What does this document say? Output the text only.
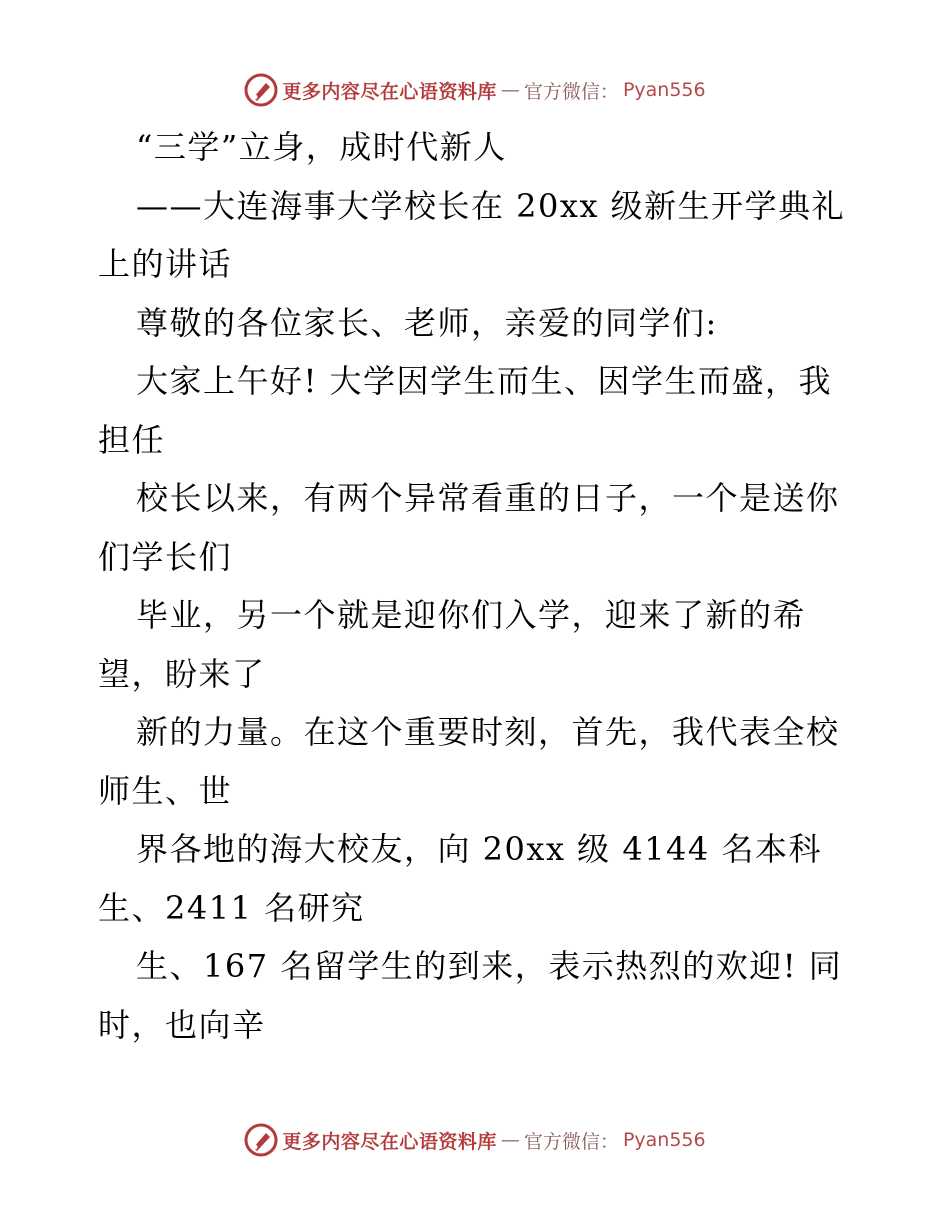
更多内容尽在心语资料库 — 官方微信： Pyan556
“三学”立身，成时代新人
——大连海事大学校长在 20xx 级新生开学典礼
上的讲话
尊敬的各位家长、老师，亲爱的同学们:
大家上午好! 大学因学生而生、因学生而盛，我
担任
校长以来，有两个异常看重的日子，一个是送你
们学长们
毕业，另一个就是迎你们入学，迎来了新的希
望，盼来了
新的力量。在这个重要时刻，首先，我代表全校
师生、世
界各地的海大校友，向 20xx 级 4144 名本科
生、2411 名研究
生、167 名留学生的到来，表示热烈的欢迎! 同
时，也向辛
更多内容尽在心语资料库 — 官方微信： Pyan556
